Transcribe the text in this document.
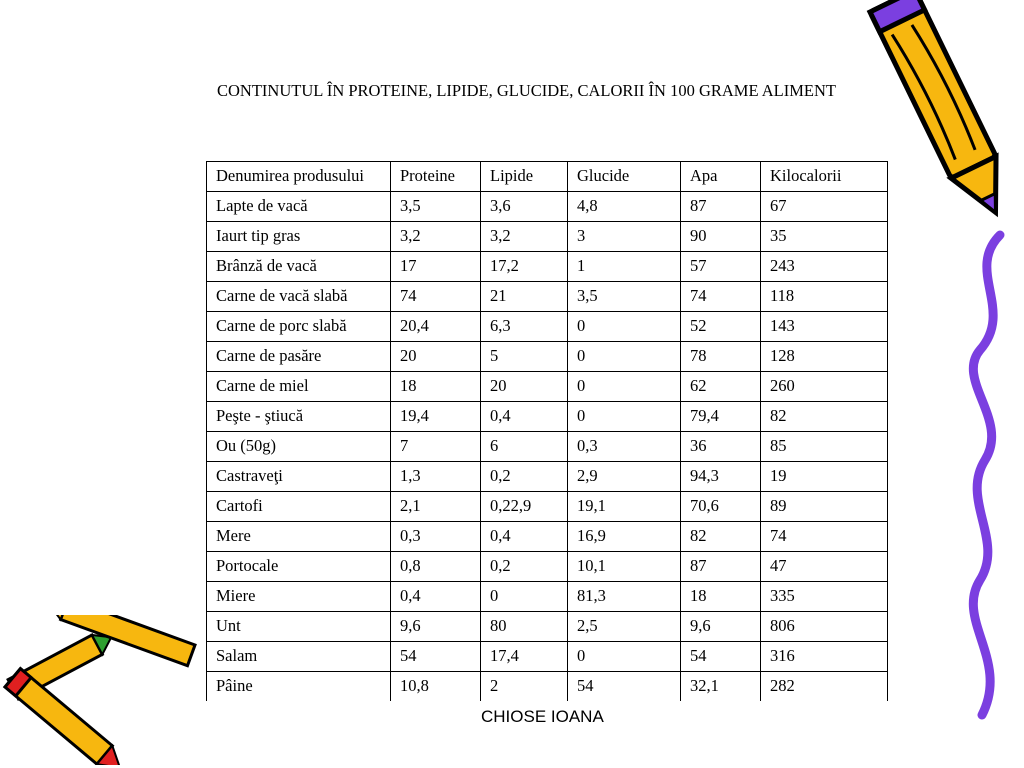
CONTINUTUL ÎN PROTEINE, LIPIDE, GLUCIDE, CALORII ÎN 100 GRAME ALIMENT
Denumirea produsului	Proteine	Lipide	Glucide	Apa	Kilocalorii
Lapte de vacă	3,5	3,6	4,8	87	67
Iaurt tip gras	3,2	3,2	3	90	35
Brânză de vacă	17	17,2	1	57	243
Carne de vacă slabă	74	21	3,5	74	118
Carne de porc slabă	20,4	6,3	0	52	143
Carne de pasăre	20	5	0	78	128
Carne de miel	18	20	0	62	260
Peşte - ştiucă	19,4	0,4	0	79,4	82
Ou (50g)	7	6	0,3	36	85
Castraveţi	1,3	0,2	2,9	94,3	19
Cartofi	2,1	0,22,9	19,1	70,6	89
Mere	0,3	0,4	16,9	82	74
Portocale	0,8	0,2	10,1	87	47
Miere	0,4	0	81,3	18	335
Unt	9,6	80	2,5	9,6	806
Salam	54	17,4	0	54	316
Pâine	10,8	2	54	32,1	282
CHIOSE IOANA
